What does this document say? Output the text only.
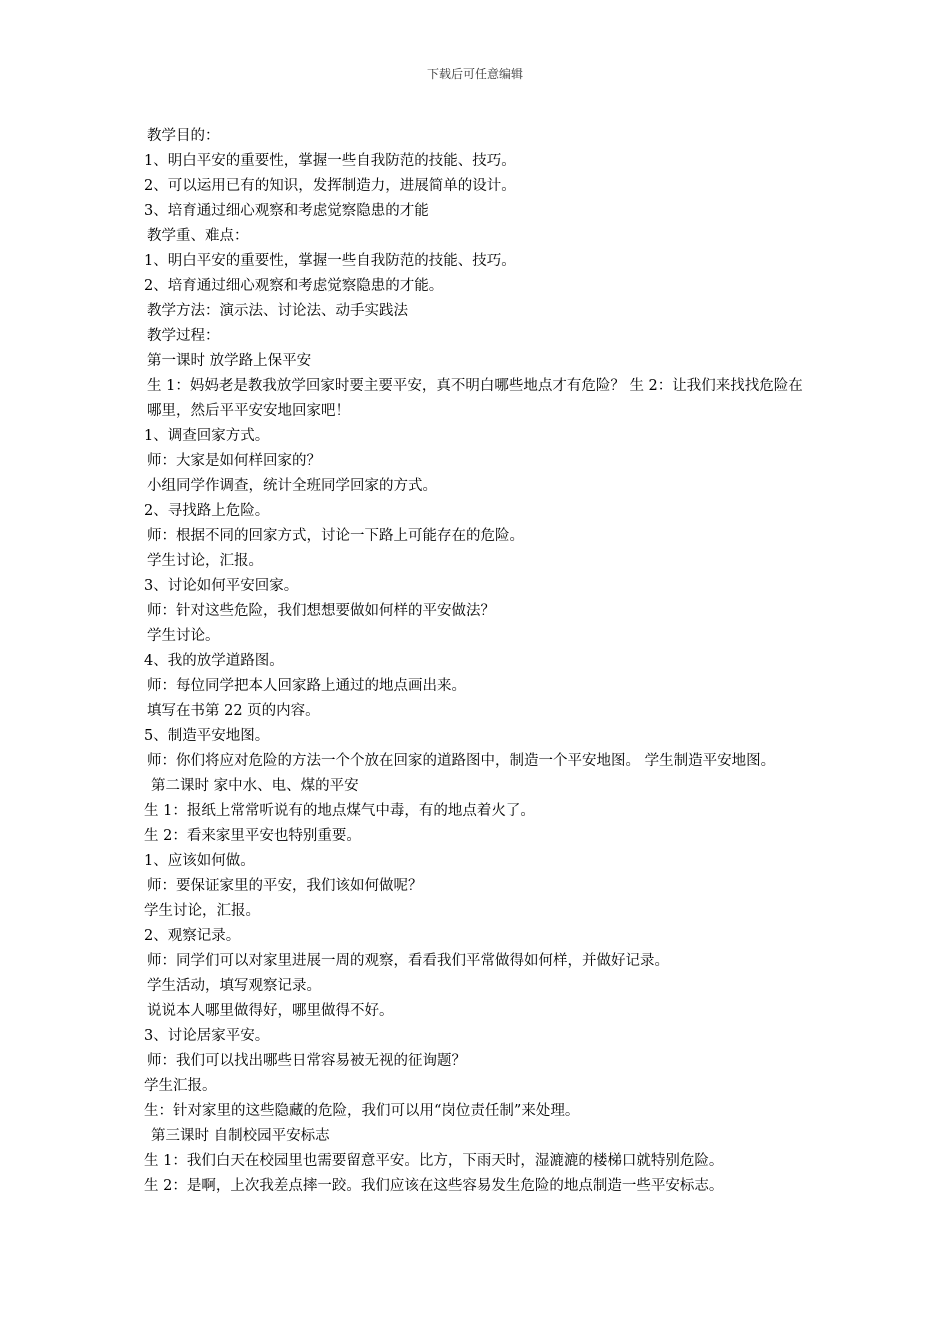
下载后可任意编辑

教学目的：

1、明白平安的重要性，掌握一些自我防范的技能、技巧。

2、可以运用已有的知识，发挥制造力，进展简单的设计。

3、培育通过细心观察和考虑觉察隐患的才能

教学重、难点：

1、明白平安的重要性，掌握一些自我防范的技能、技巧。

2、培育通过细心观察和考虑觉察隐患的才能。

教学方法：演示法、讨论法、动手实践法

教学过程：

第一课时 放学路上保平安

生 1：妈妈老是教我放学回家时要主要平安，真不明白哪些地点才有危险？ 生 2：让我们来找找危险在哪里，然后平平安安地回家吧！

1、调查回家方式。

师：大家是如何样回家的？

小组同学作调查，统计全班同学回家的方式。

2、寻找路上危险。

师：根据不同的回家方式，讨论一下路上可能存在的危险。

学生讨论，汇报。

3、讨论如何平安回家。

师：针对这些危险，我们想想要做如何样的平安做法？

学生讨论。

4、我的放学道路图。

师：每位同学把本人回家路上通过的地点画出来。

填写在书第 22 页的内容。

5、制造平安地图。

师：你们将应对危险的方法一个个放在回家的道路图中，制造一个平安地图。 学生制造平安地图。

第二课时 家中水、电、煤的平安

生 1：报纸上常常听说有的地点煤气中毒，有的地点着火了。

生 2：看来家里平安也特别重要。

1、应该如何做。

师：要保证家里的平安，我们该如何做呢？

学生讨论，汇报。

2、观察记录。

师：同学们可以对家里进展一周的观察，看看我们平常做得如何样，并做好记录。

学生活动，填写观察记录。

说说本人哪里做得好，哪里做得不好。

3、讨论居家平安。

师：我们可以找出哪些日常容易被无视的征询题？

学生汇报。

生：针对家里的这些隐藏的危险，我们可以用“岗位责任制”来处理。

第三课时 自制校园平安标志

生 1：我们白天在校园里也需要留意平安。比方，下雨天时，湿漉漉的楼梯口就特别危险。

生 2：是啊，上次我差点摔一跤。我们应该在这些容易发生危险的地点制造一些平安标志。
